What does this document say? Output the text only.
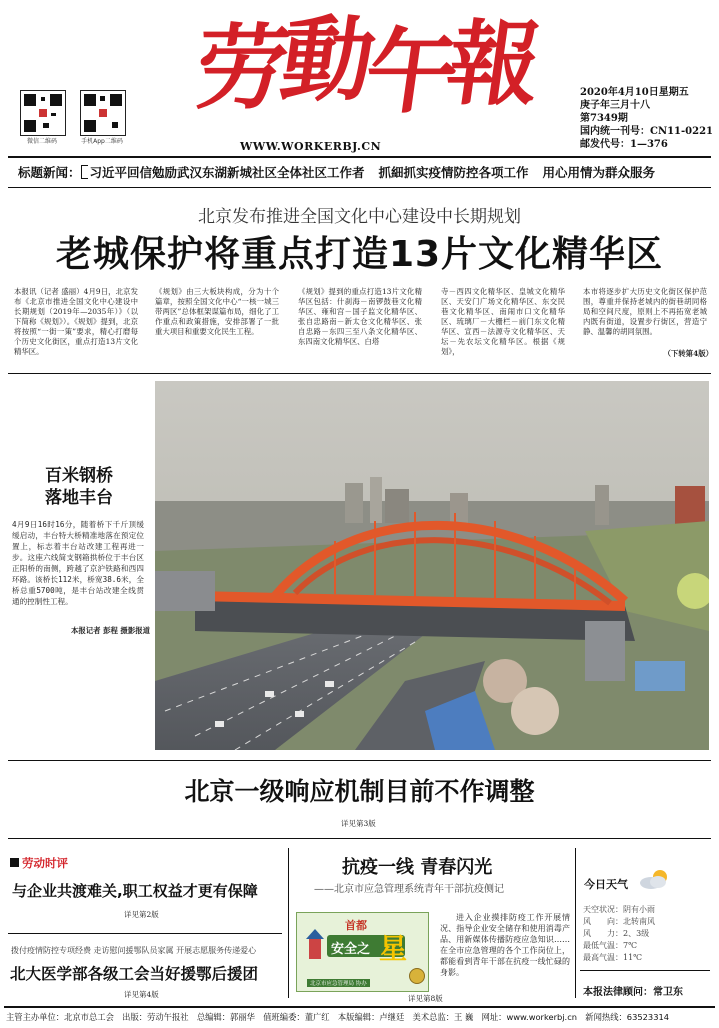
微信二维码	手机App二维码
劳
動
午
報
WWW.WORKERBJ.CN
2020年4月10日星期五
庚子年三月十八
第7349期
国内统一刊号：CN11-0221
邮发代号：1—376
标题新闻： 习近平回信勉励武汉东湖新城社区全体社区工作者 抓細抓实疫情防控各项工作 用心用情为群众服务
北京发布推进全国文化中心建设中长期规划
老城保护将重点打造13片文化精华区
本报讯（记者 盛丽）4月9日，北京发布《北京市推进全国文化中心建设中长期规划（2019年—2035年）》（以下简称《规划》）。《规划》提到，北京将按照“一街一策”要求，精心打磨每个历史文化街区，重点打造13片文化精华区。
《规划》由三大板块构成，分为十个篇章，按照全国文化中心“一核一城三带两区”总体框架谋篇布局，细化了工作重点和政策措施，安排部署了一批重大项目和重要文化民生工程。
《规划》提到的重点打造13片文化精华区包括：什刹海－南锣鼓巷文化精华区、雍和宫－国子监文化精华区、张自忠路南－新太仓文化精华区、张自忠路－东四三至八条文化精华区、东四南文化精华区、白塔
寺－西四文化精华区、皇城文化精华区、天安门广场文化精华区、东交民巷文化精华区、南闹市口文化精华区、琉璃厂－大栅栏－前门东文化精华区、宣西－法源寺文化精华区、天坛－先农坛文化精华区。根据《规划》，
本市将逐步扩大历史文化街区保护范围，尊重并保持老城内的街巷胡同格局和空间尺度，原则上不再拓宽老城内既有街道，设置步行街区，营造宁静、温馨的胡同氛围。
（下转第4版）
百米钢桥
落地丰台
4月9日16时16分，随着桥下千斤顶缓缓启动，丰台特大桥精准地落在预定位置上，标志着丰台站改建工程再进一步。这座六线简支钢箱拱桥位于丰台区正阳桥的南侧，跨越了京沪铁路和西四环路。该桥长112米，桥宽38.6米，全桥总重5700吨，是丰台站改建全线贯通的控制性工程。
本报记者 彭程 摄影报道
北京一级响应机制目前不作调整
详见第3版
劳动时评
与企业共渡难关,职工权益才更有保障
详见第2版
拨付疫情防控专项经费 走访慰问援鄂队员家属 开展志愿服务传递爱心
北大医学部各级工会当好援鄂后援团
详见第4版
抗疫一线 青春闪光
——北京市应急管理系统青年干部抗疫侧记
首都
安全之 星
北京市应急管理局 协办
进入企业摸排防疫工作开展情况、指导企业安全储存和使用消毒产品、用新媒体传播防疫应急知识……在全市应急管理的各个工作岗位上，都能看到青年干部在抗疫一线忙碌的身影。
详见第8版
今日天气
天空状况：阴有小雨
风　　向：北转南风
风　　力：2、3级
最低气温：7℃
最高气温：11℃
本报法律顾问：常卫东
主管主办单位：北京市总工会　出版：劳动午报社　总编辑：郭丽华　值班编委：董广红　本版编辑：卢继廷　美术总监：王 巍　网址：www.workerbj.cn　新闻热线：63523314
